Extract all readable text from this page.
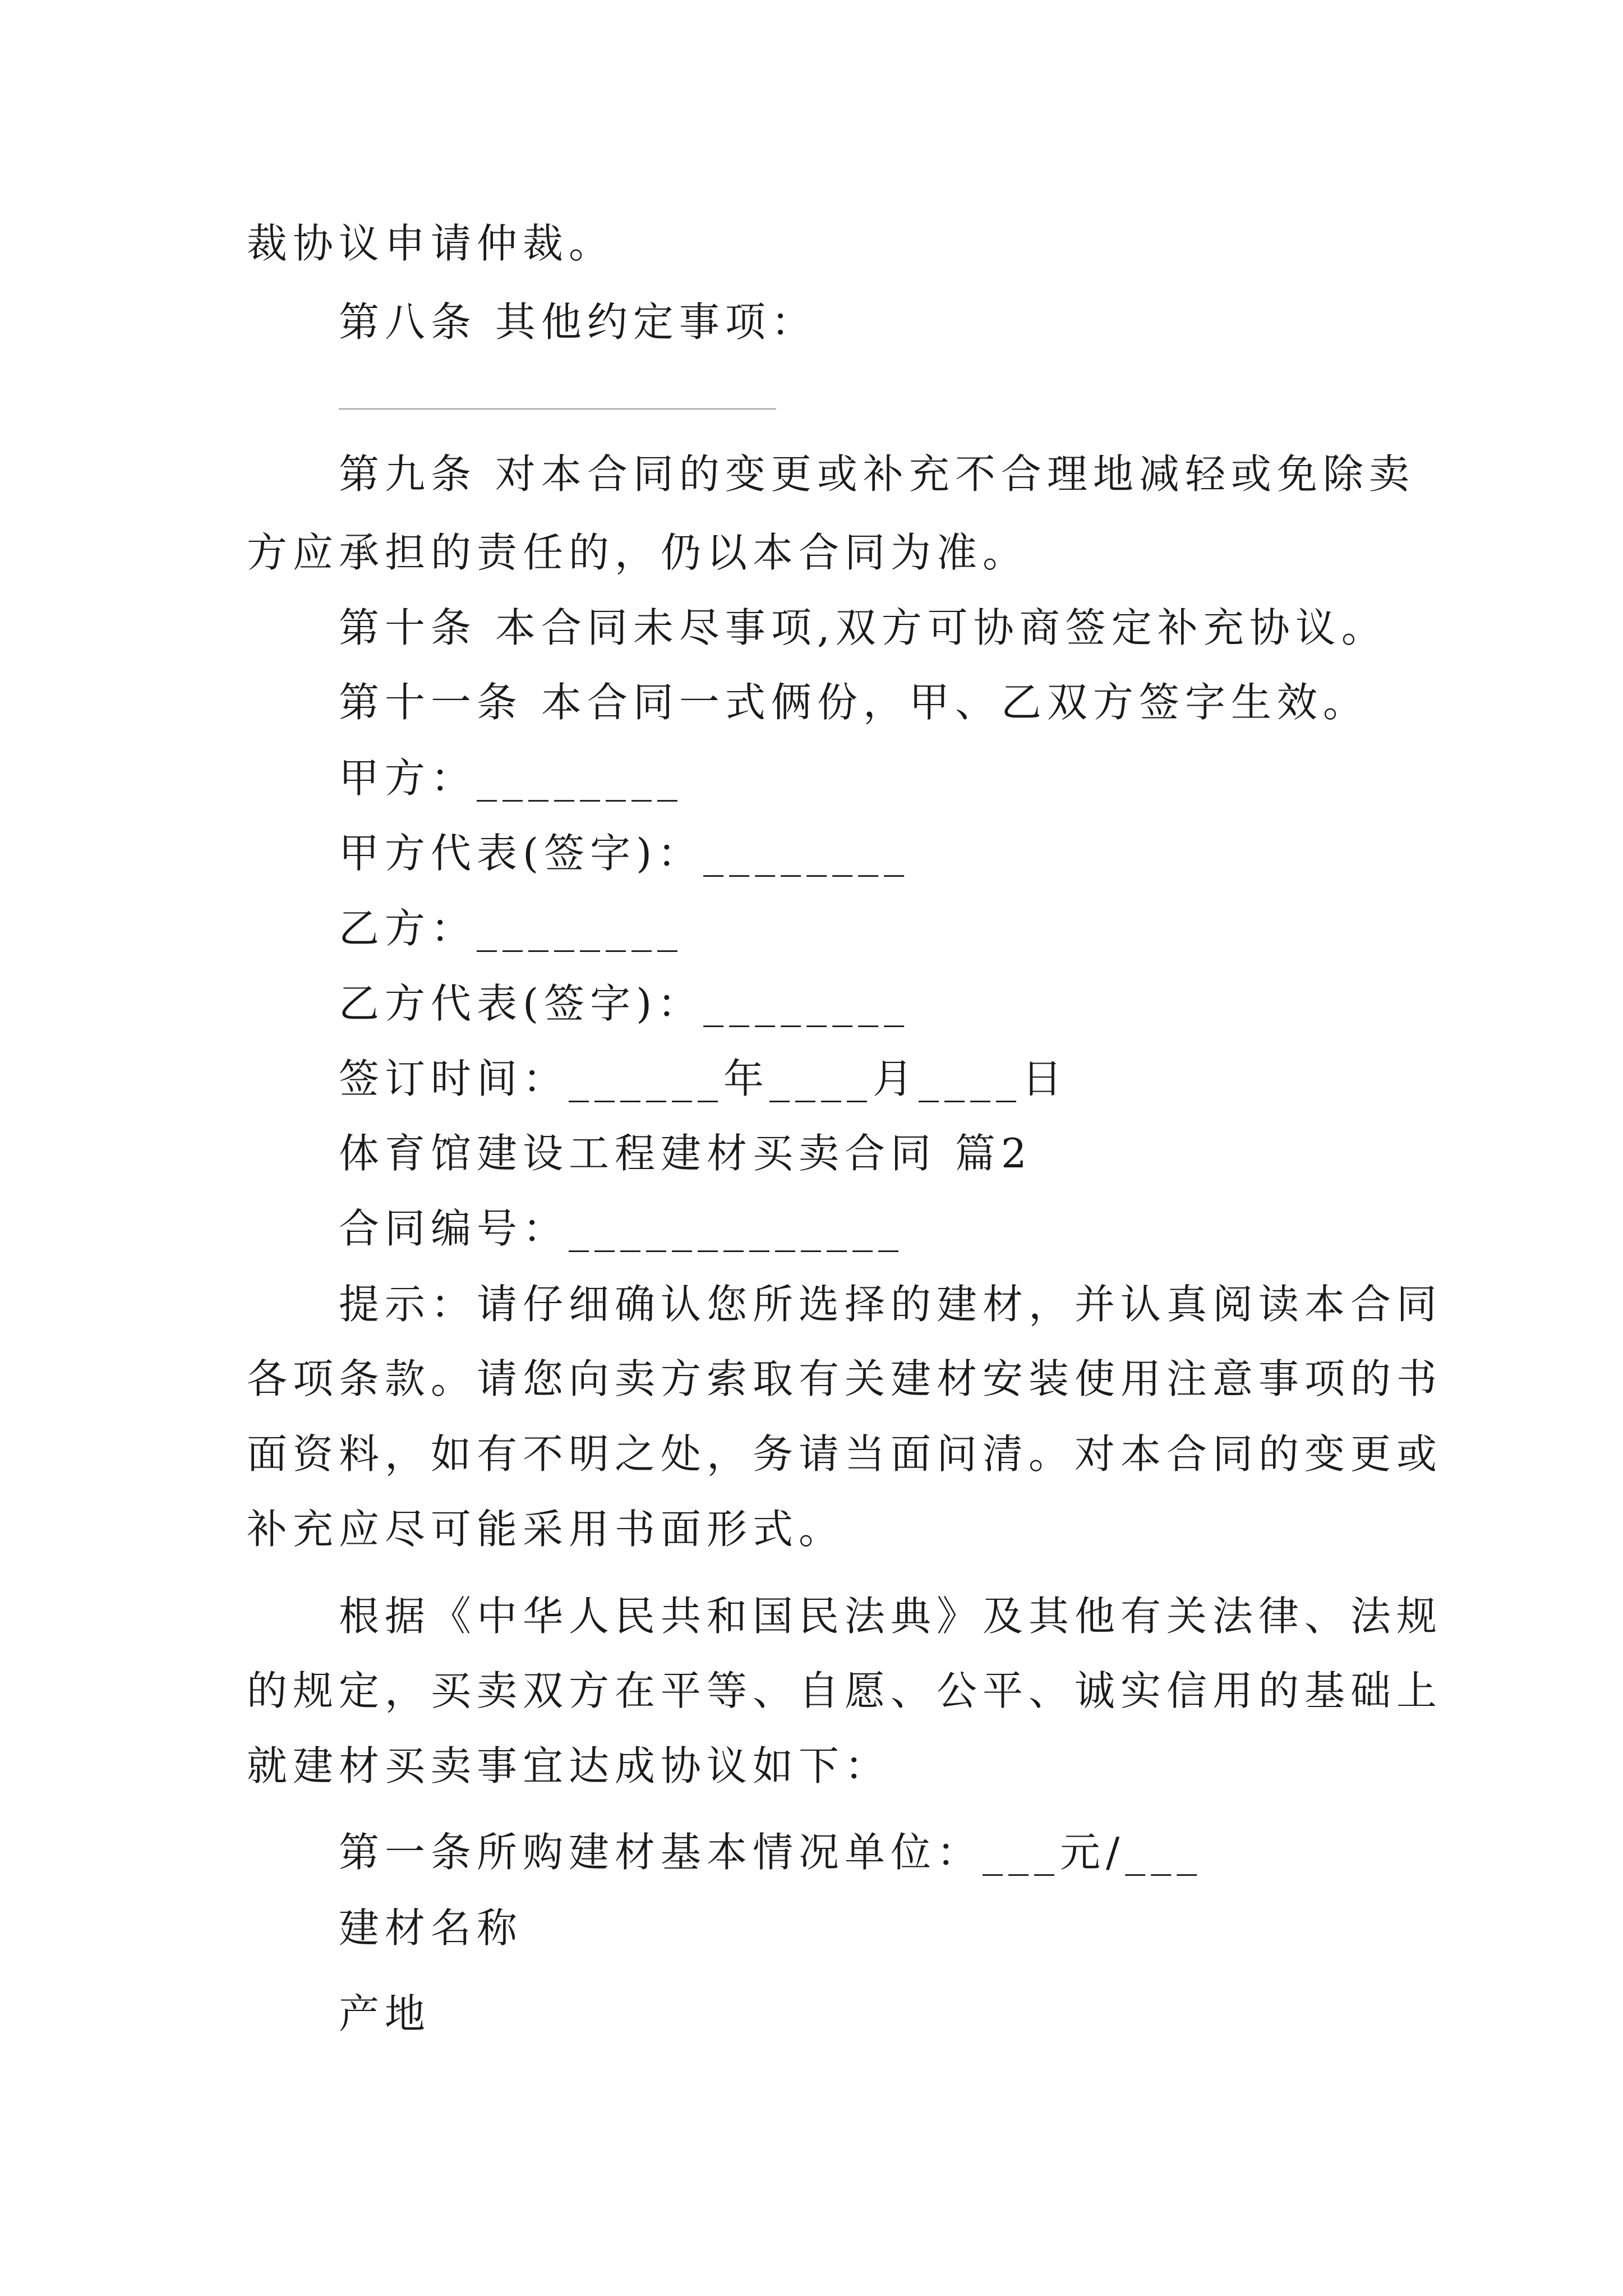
裁协议申请仲裁。
第八条 其他约定事项：
第九条 对本合同的变更或补充不合理地减轻或免除卖
方应承担的责任的，仍以本合同为准。
第十条 本合同未尽事项,双方可协商签定补充协议。
第十一条 本合同一式俩份，甲、乙双方签字生效。
甲方：________
甲方代表(签字)：________
乙方：________
乙方代表(签字)：________
签订时间：______年____月____日
体育馆建设工程建材买卖合同 篇2
合同编号：_____________
提示：请仔细确认您所选择的建材，并认真阅读本合同
各项条款。请您向卖方索取有关建材安装使用注意事项的书
面资料，如有不明之处，务请当面问清。对本合同的变更或
补充应尽可能采用书面形式。
根据《中华人民共和国民法典》及其他有关法律、法规
的规定，买卖双方在平等、自愿、公平、诚实信用的基础上
就建材买卖事宜达成协议如下：
第一条所购建材基本情况单位：___元/___
建材名称
产地
